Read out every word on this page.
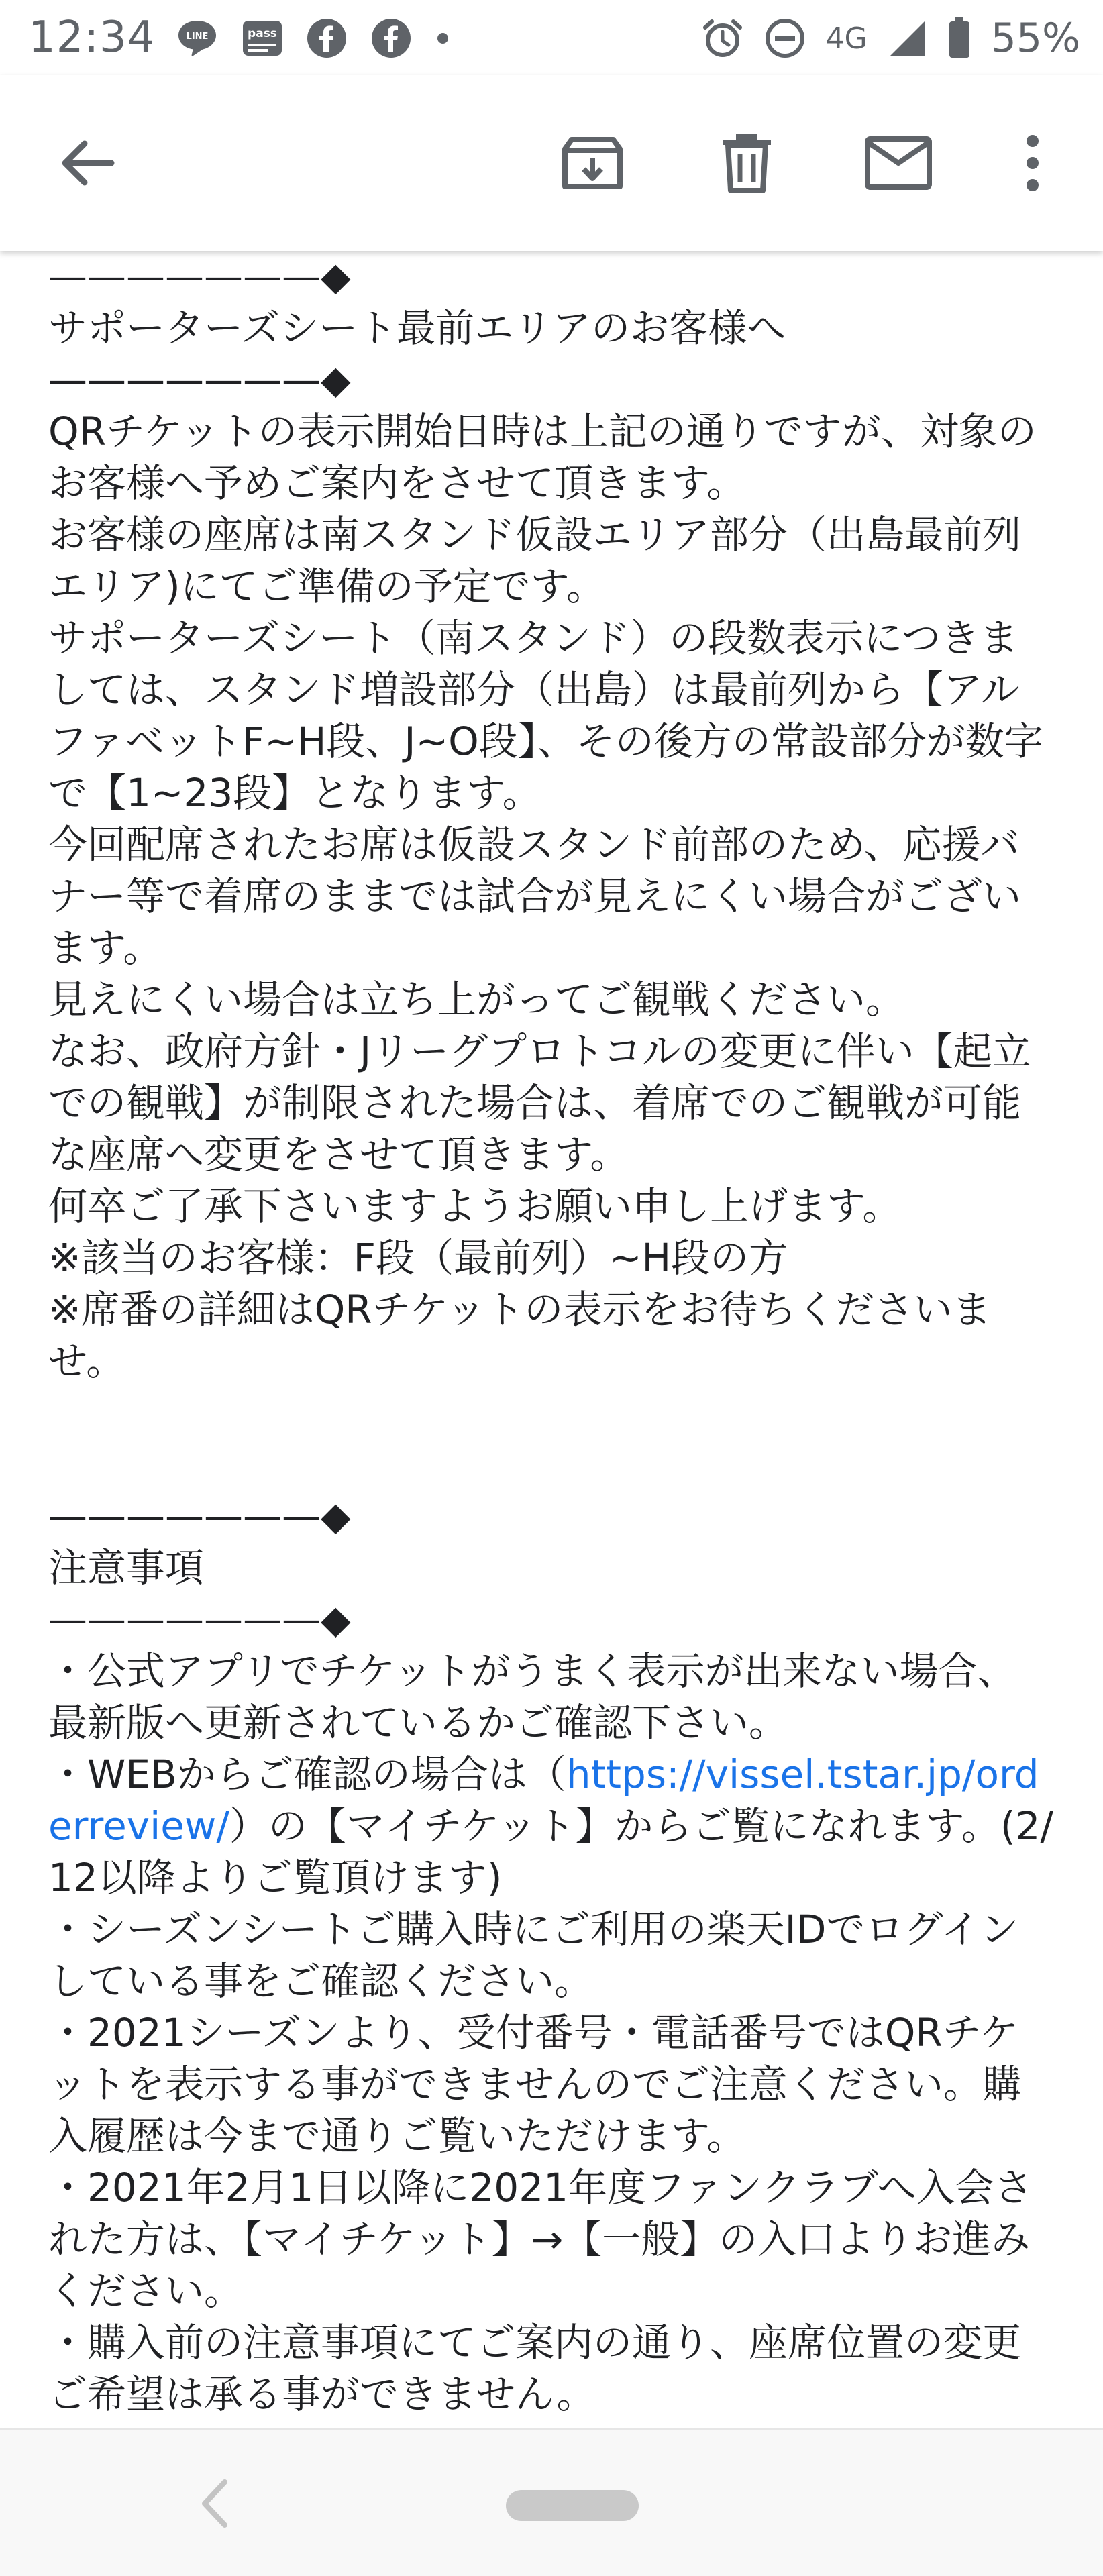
12:34	LINE	pass	4G	55%

———————◆

サポーターズシート最前エリアのお客様へ

———————◆

QRチケットの表示開始日時は上記の通りですが、対象のお客様へ予めご案内をさせて頂きます。

お客様の座席は南スタンド仮設エリア部分（出島最前列エリア)にてご準備の予定です。

サポーターズシート（南スタンド）の段数表示につきましては、スタンド増設部分（出島）は最前列から【アルファベットF~H段、J~O段】、その後方の常設部分が数字で【1~23段】となります。

今回配席されたお席は仮設スタンド前部のため、応援バナー等で着席のままでは試合が見えにくい場合がございます。

見えにくい場合は立ち上がってご観戦ください。

なお、政府方針・Jリーグプロトコルの変更に伴い【起立での観戦】が制限された場合は、着席でのご観戦が可能な座席へ変更をさせて頂きます。

何卒ご了承下さいますようお願い申し上げます。

※該当のお客様：F段（最前列）~H段の方

※席番の詳細はQRチケットの表示をお待ちくださいませ。

———————◆

注意事項

———————◆

・公式アプリでチケットがうまく表示が出来ない場合、最新版へ更新されているかご確認下さい。

・WEBからご確認の場合は（https://vissel.tstar.jp/orderreview/）の【マイチケット】からご覧になれます。(2/12以降よりご覧頂けます)

・シーズンシートご購入時にご利用の楽天IDでログインしている事をご確認ください。

・2021シーズンより、受付番号・電話番号ではQRチケットを表示する事ができませんのでご注意ください。購入履歴は今まで通りご覧いただけます。

・2021年2月1日以降に2021年度ファンクラブへ入会された方は、【マイチケット】→【一般】の入口よりお進みください。

・購入前の注意事項にてご案内の通り、座席位置の変更ご希望は承る事ができません。
